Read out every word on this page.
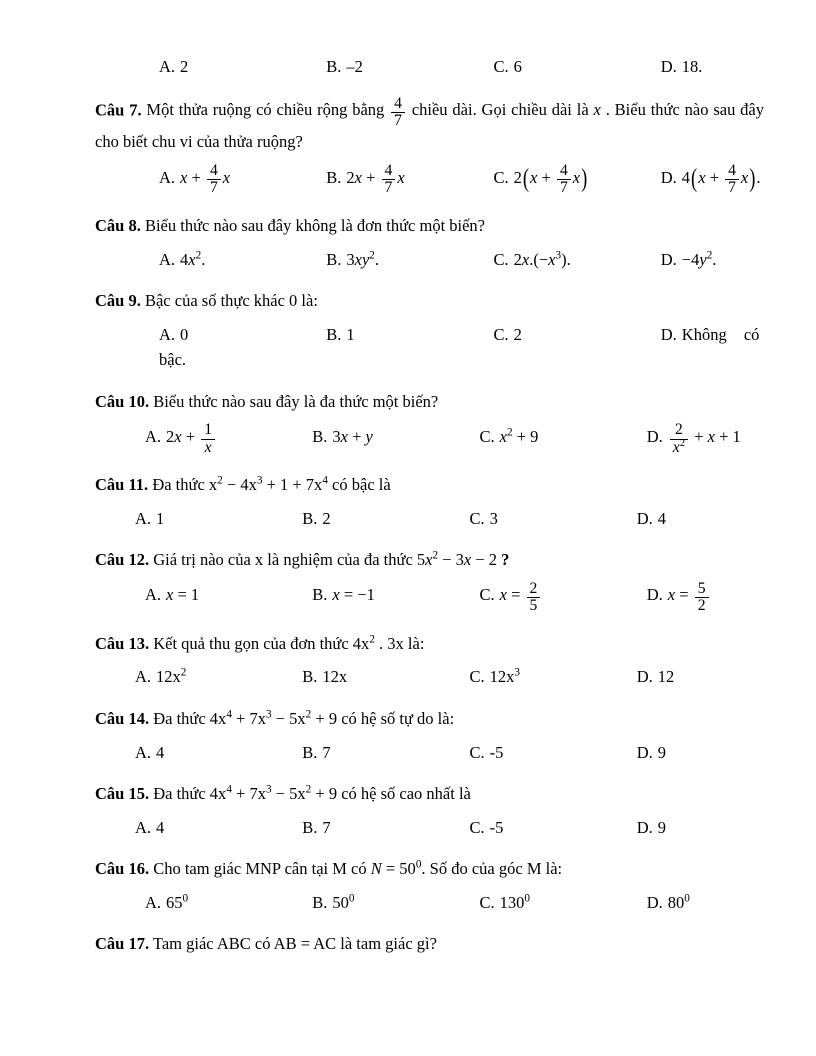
A. 2	B. –2	C. 6	D. 18.

Câu 7. Một thửa ruộng có chiều rộng bằng $\frac{4}{7}$ chiều dài. Gọi chiều dài là x . Biểu thức nào sau đây cho biết chu vi của thửa ruộng?

A. $x + \frac{4}{7}$ x	B. $2x + \frac{4}{7}$ x	C. $2(x + \frac{4}{7} x)$	D. $4(x + \frac{4}{7} x)$.

Câu 8. Biểu thức nào sau đây không là đơn thức một biến?

A. $4x^2$.	B. $3xy^2$.	C. $2x.(-x^3)$.	D. $-4y^2$.

Câu 9. Bậc của số thực khác 0 là:

A. 0	B. 1	C. 2	D. Không có

bậc.

Câu 10. Biểu thức nào sau đây là đa thức một biến?

A. $2x + \frac{1}{x}$	B. 3x + y	C. $x^2 + 9$	D. $\frac{2}{x^2} + x + 1$

Câu 11. Đa thức $x^2 - 4x^3 + 1 + 7x^4$ có bậc là

A. 1	B. 2	C. 3	D. 4

Câu 12. Giá trị nào của x là nghiệm của đa thức $5x^2 - 3x - 2$ ?

A. x = 1	B. x = −1	C. $x = \frac{2}{5}$	D. $x = \frac{5}{2}$

Câu 13. Kết quả thu gọn của đơn thức $4x^2$ . 3x là:

A. $12x^2$	B. 12x	C. $12x^3$	D. 12

Câu 14. Đa thức $4x^4 + 7x^3 - 5x^2 + 9$ có hệ số tự do là:

A. 4	B. 7	C. -5	D. 9

Câu 15. Đa thức $4x^4 + 7x^3 - 5x^2 + 9$ có hệ số cao nhất là

A. 4	B. 7	C. -5	D. 9

Câu 16. Cho tam giác MNP cân tại M có $N = 50^0$. Số đo của góc M là:

A. $65^0$	B. $50^0$	C. $130^0$	D. $80^0$

Câu 17. Tam giác ABC có AB = AC là tam giác gì?
